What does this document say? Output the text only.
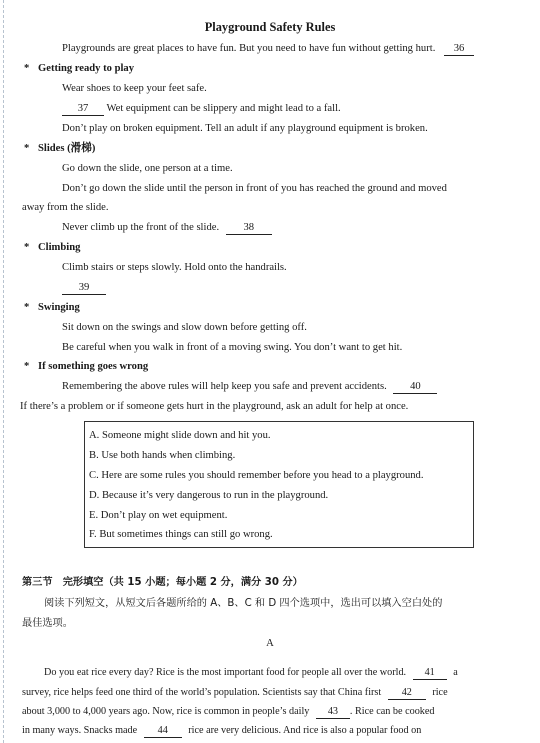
Playground Safety Rules
Playgrounds are great places to have fun. But you need to have fun without getting hurt. 36
* Getting ready to play
Wear shoes to keep your feet safe.
37 Wet equipment can be slippery and might lead to a fall.
Don’t play on broken equipment. Tell an adult if any playground equipment is broken.
* Slides (滑梯)
Go down the slide, one person at a time.
Don’t go down the slide until the person in front of you has reached the ground and moved
away from the slide.
Never climb up the front of the slide. 38
* Climbing
Climb stairs or steps slowly. Hold onto the handrails.
39
* Swinging
Sit down on the swings and slow down before getting off.
Be careful when you walk in front of a moving swing. You don’t want to get hit.
* If something goes wrong
Remembering the above rules will help keep you safe and prevent accidents. 40
If there’s a problem or if someone gets hurt in the playground, ask an adult for help at once.
A. Someone might slide down and hit you.
B. Use both hands when climbing.
C. Here are some rules you should remember before you head to a playground.
D. Because it’s very dangerous to run in the playground.
E. Don’t play on wet equipment.
F. But sometimes things can still go wrong.
第三节　完形填空（共 15 小题；每小题 2 分，满分 30 分）
阅读下列短文，从短文后各题所给的 A、B、C 和 D 四个选项中，选出可以填入空白处的
最佳选项。
A
Do you eat rice every day? Rice is the most important food for people all over the world. 41 a
survey, rice helps feed one third of the world’s population. Scientists say that China first 42 rice
about 3,000 to 4,000 years ago. Now, rice is common in people’s daily 43 . Rice can be cooked
in many ways. Snacks made 44 rice are very delicious. And rice is also a popular food on
